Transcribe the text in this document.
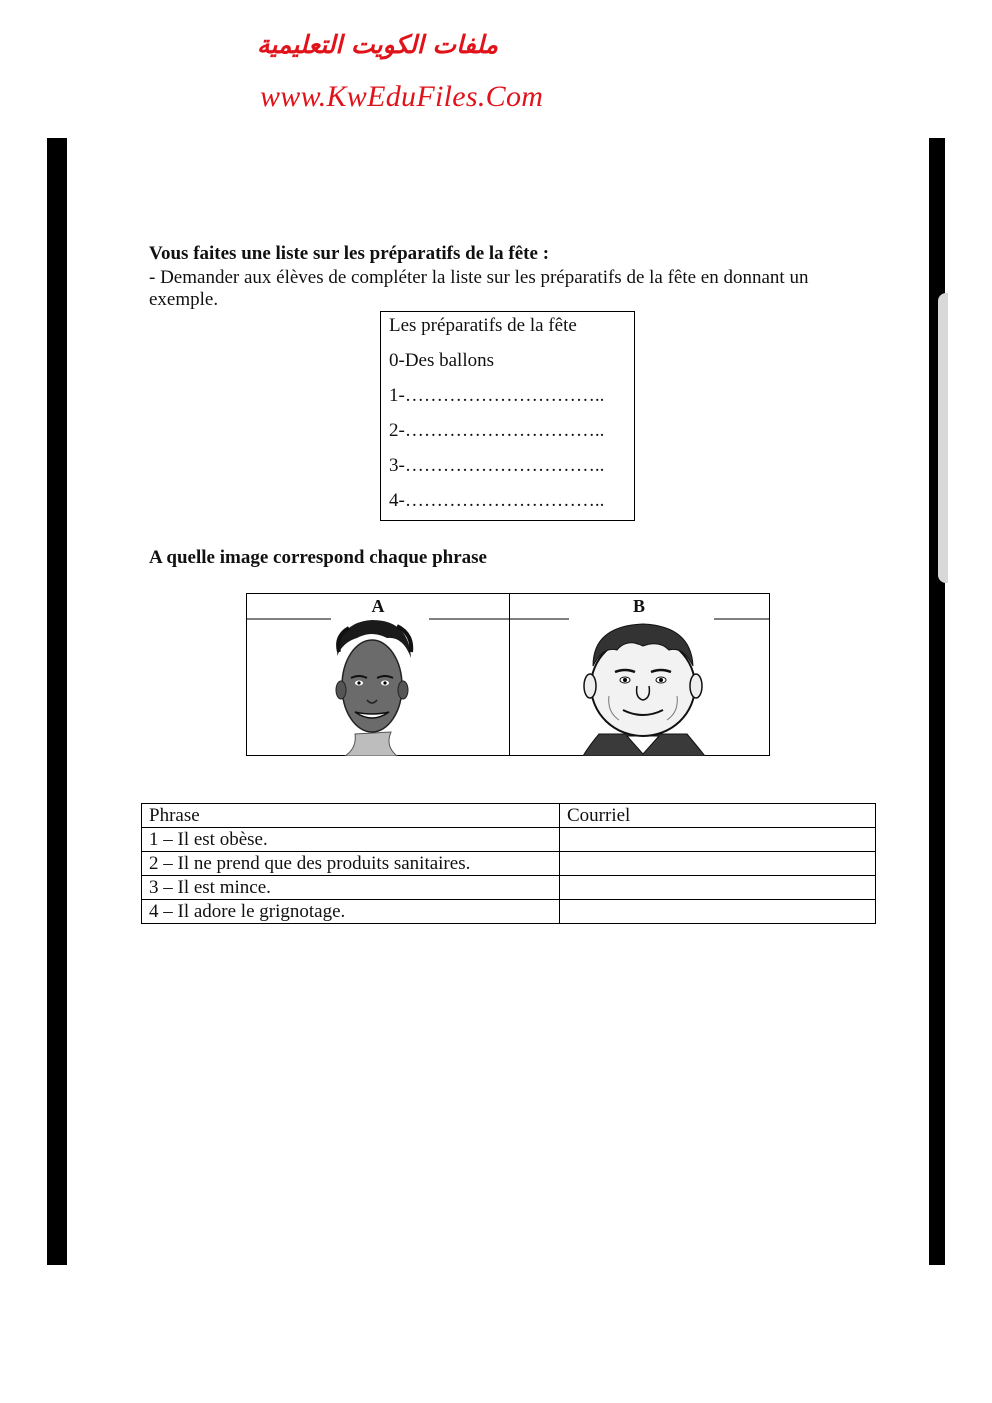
ملفات الكويت التعليمية
www.KwEduFiles.Com
Vous faites une liste sur les préparatifs de la fête :
- Demander aux élèves de compléter la liste sur les préparatifs de la fête en donnant un exemple.
Les préparatifs de la fête
0-Des ballons
1-…………………………..
2-…………………………..
3-…………………………..
4-…………………………..
A quelle image correspond chaque phrase
A	B
Phrase	Courriel
1 – Il est obèse.	
2 – Il ne prend que des produits sanitaires.	
3 – Il est mince.	
4 – Il adore le grignotage.	
